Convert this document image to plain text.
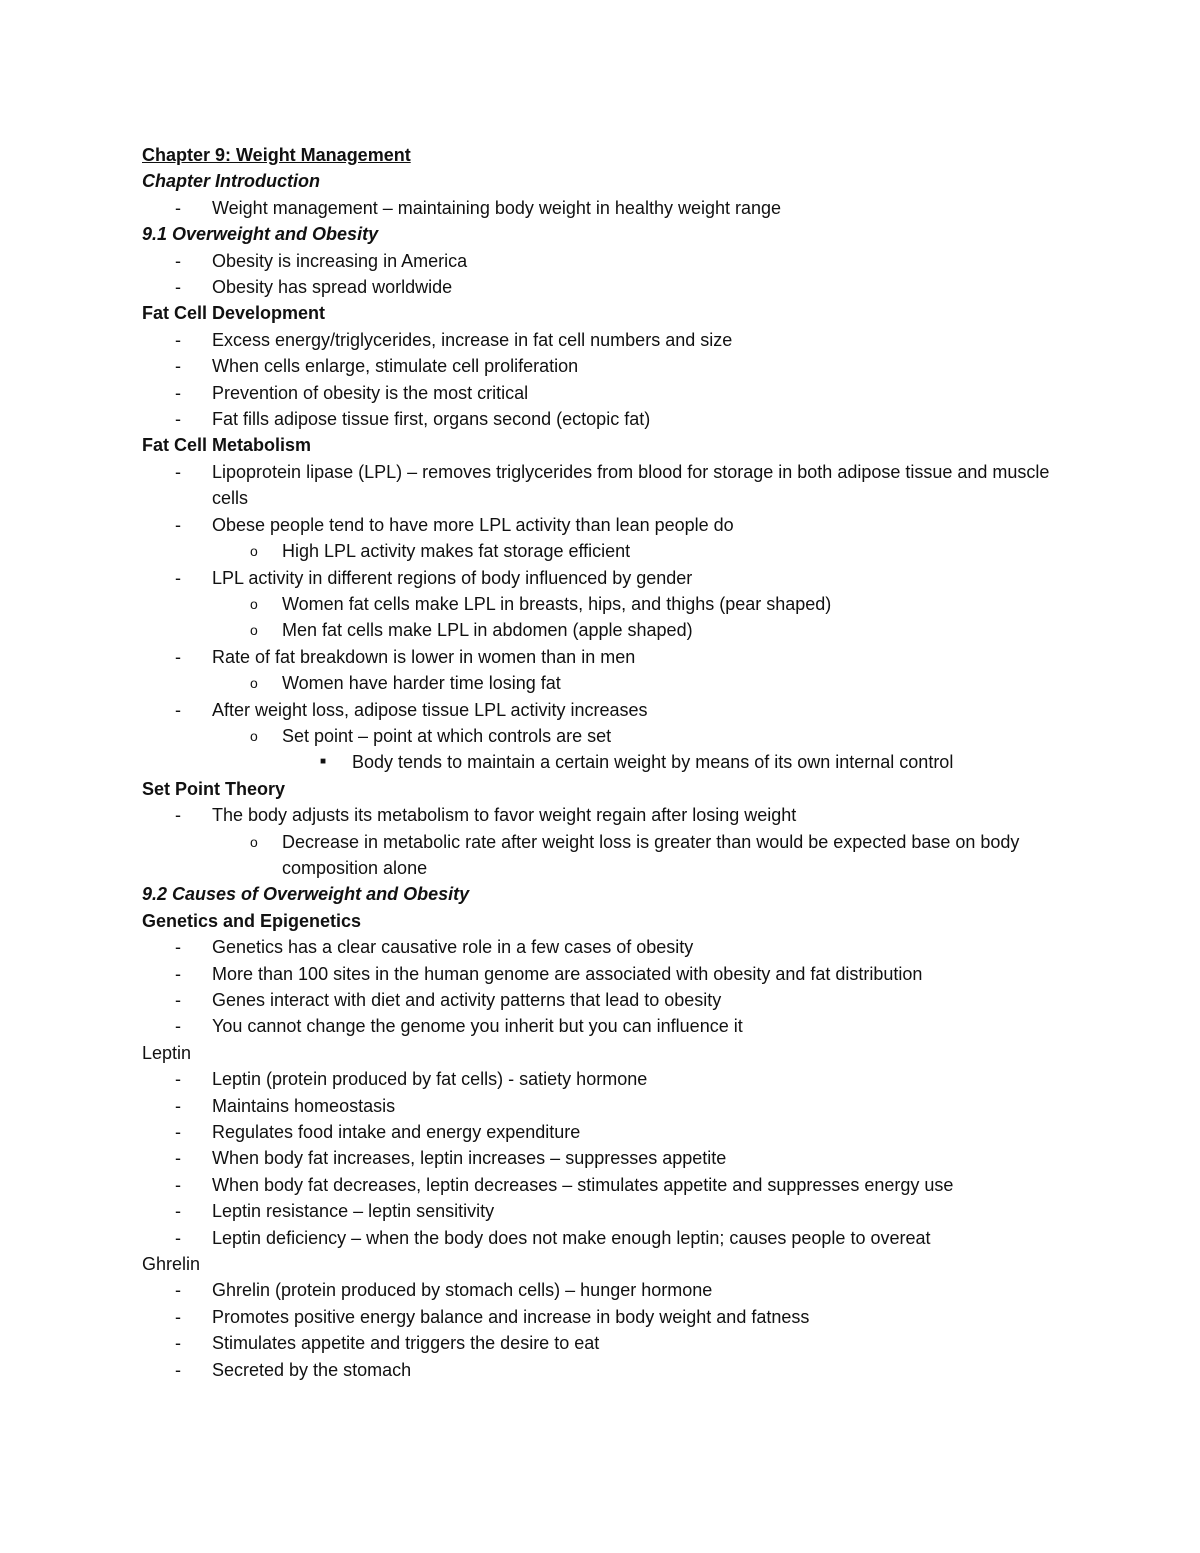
Chapter 9: Weight Management
Chapter Introduction
-	Weight management – maintaining body weight in healthy weight range
9.1 Overweight and Obesity
-	Obesity is increasing in America
-	Obesity has spread worldwide
Fat Cell Development
-	Excess energy/triglycerides, increase in fat cell numbers and size
-	When cells enlarge, stimulate cell proliferation
-	Prevention of obesity is the most critical
-	Fat fills adipose tissue first, organs second (ectopic fat)
Fat Cell Metabolism
-	Lipoprotein lipase (LPL) – removes triglycerides from blood for storage in both adipose tissue and muscle cells
-	Obese people tend to have more LPL activity than lean people do
o	High LPL activity makes fat storage efficient
-	LPL activity in different regions of body influenced by gender
o	Women fat cells make LPL in breasts, hips, and thighs (pear shaped)
o	Men fat cells make LPL in abdomen (apple shaped)
-	Rate of fat breakdown is lower in women than in men
o	Women have harder time losing fat
-	After weight loss, adipose tissue LPL activity increases
o	Set point – point at which controls are set
■	Body tends to maintain a certain weight by means of its own internal control
Set Point Theory
-	The body adjusts its metabolism to favor weight regain after losing weight
o	Decrease in metabolic rate after weight loss is greater than would be expected base on body composition alone
9.2 Causes of Overweight and Obesity
Genetics and Epigenetics
-	Genetics has a clear causative role in a few cases of obesity
-	More than 100 sites in the human genome are associated with obesity and fat distribution
-	Genes interact with diet and activity patterns that lead to obesity
-	You cannot change the genome you inherit but you can influence it
Leptin
-	Leptin (protein produced by fat cells) - satiety hormone
-	Maintains homeostasis
-	Regulates food intake and energy expenditure
-	When body fat increases, leptin increases – suppresses appetite
-	When body fat decreases, leptin decreases – stimulates appetite and suppresses energy use
-	Leptin resistance – leptin sensitivity
-	Leptin deficiency – when the body does not make enough leptin; causes people to overeat
Ghrelin
-	Ghrelin (protein produced by stomach cells) – hunger hormone
-	Promotes positive energy balance and increase in body weight and fatness
-	Stimulates appetite and triggers the desire to eat
-	Secreted by the stomach
